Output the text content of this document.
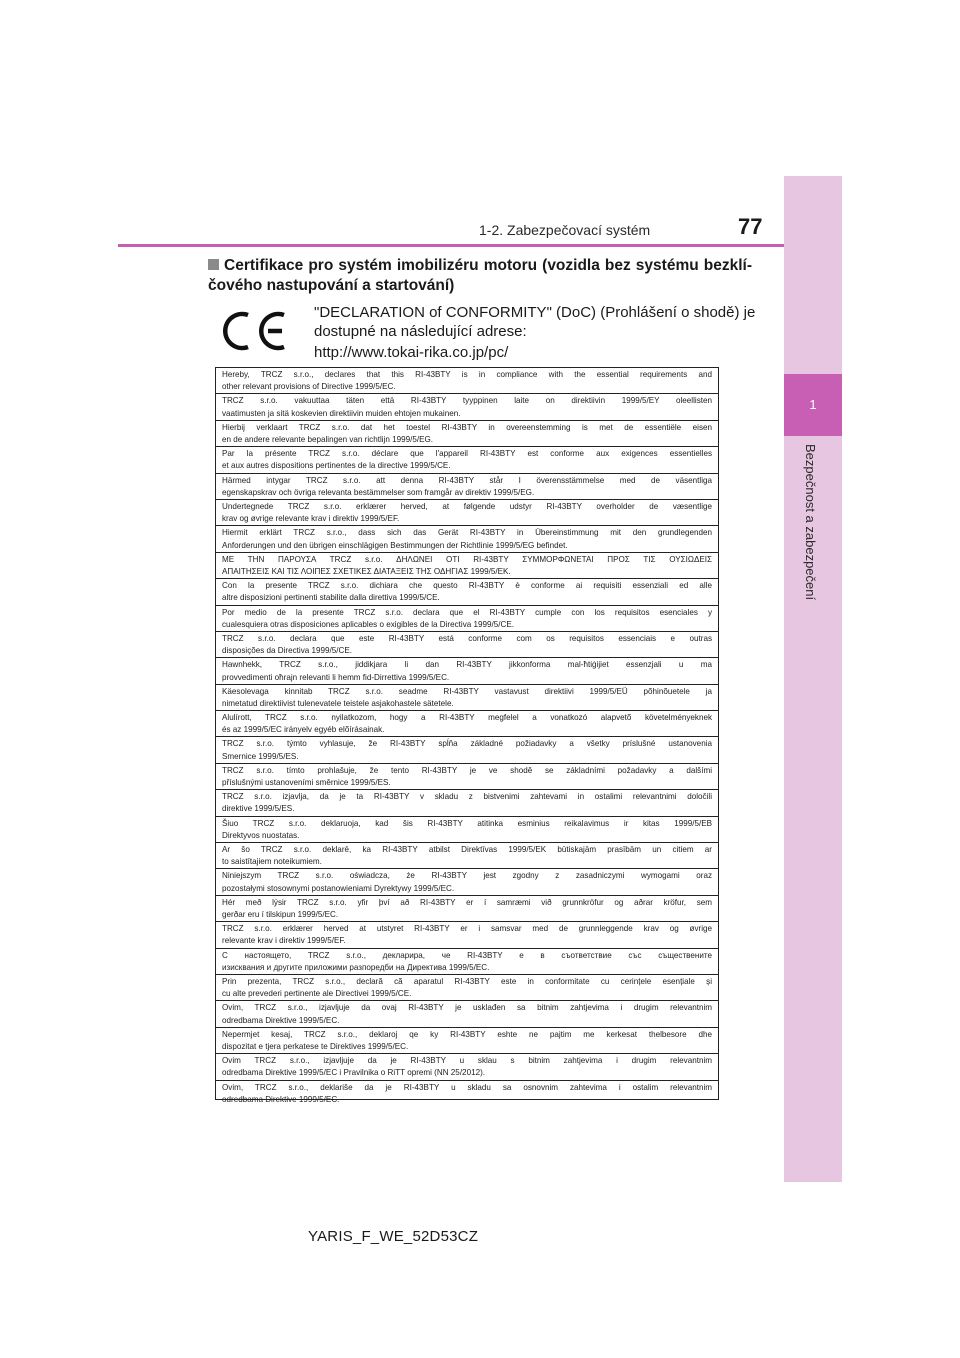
1
Bezpečnost a zabezpečení
1-2. Zabezpečovací systém	77
Certifikace pro systém imobilizéru motoru (vozidla bez systému bezklí-čového nastupování a startování)
"DECLARATION of CONFORMITY" (DoC) (Prohlášení o shodě) je dostupné na následující adrese:
http://www.tokai-rika.co.jp/pc/
Hereby, TRCZ s.r.o., declares that this RI-43BTY is in compliance with the essential requirements and
other relevant provisions of Directive 1999/5/EC.
TRCZ s.r.o. vakuuttaa täten että RI-43BTY tyyppinen laite on direktiivin 1999/5/EY oleellisten
vaatimusten ja sitä koskevien direktiivin muiden ehtojen mukainen.
Hierbij verklaart TRCZ s.r.o. dat het toestel RI-43BTY in overeenstemming is met de essentiële eisen
en de andere relevante bepalingen van richtlijn 1999/5/EG.
Par la présente TRCZ s.r.o. déclare que l'appareil RI-43BTY est conforme aux exigences essentielles
et aux autres dispositions pertinentes de la directive 1999/5/CE.
Härmed intygar TRCZ s.r.o. att denna RI-43BTY står I överensstämmelse med de väsentliga
egenskapskrav och övriga relevanta bestämmelser som framgår av direktiv 1999/5/EG.
Undertegnede TRCZ s.r.o. erklærer herved, at følgende udstyr RI-43BTY overholder de væsentlige
krav og øvrige relevante krav i direktiv 1999/5/EF.
Hiermit erklärt TRCZ s.r.o., dass sich das Gerät RI-43BTY in Übereinstimmung mit den grundlegenden
Anforderungen und den übrigen einschlägigen Bestimmungen der Richtlinie 1999/5/EG befindet.
ΜΕ ΤΗΝ ΠΑΡΟΥΣΑ TRCZ s.r.o. ΔΗΛΩΝΕΙ ΟΤΙ RI-43BTY ΣΥΜΜΟΡΦΩΝΕΤΑΙ ΠΡΟΣ ΤΙΣ ΟΥΣΙΩΔΕΙΣ
ΑΠΑΙΤΗΣΕΙΣ ΚΑΙ ΤΙΣ ΛΟΙΠΕΣ ΣΧΕΤΙΚΕΣ ΔΙΑΤΑΞΕΙΣ ΤΗΣ ΟΔΗΓΙΑΣ 1999/5/ΕΚ.
Con la presente TRCZ s.r.o. dichiara che questo RI-43BTY è conforme ai requisiti essenziali ed alle
altre disposizioni pertinenti stabilite dalla direttiva 1999/5/CE.
Por medio de la presente TRCZ s.r.o. declara que el RI-43BTY cumple con los requisitos esenciales y
cualesquiera otras disposiciones aplicables o exigibles de la Directiva 1999/5/CE.
TRCZ s.r.o. declara que este RI-43BTY está conforme com os requisitos essenciais e outras
disposições da Directiva 1999/5/CE.
Hawnhekk, TRCZ s.r.o., jiddikjara li dan RI-43BTY jikkonforma mal-ħtiġijiet essenzjali u ma
provvedimenti oħrajn relevanti li hemm fid-Dirrettiva 1999/5/EC.
Käesolevaga kinnitab TRCZ s.r.o. seadme RI-43BTY vastavust direktiivi 1999/5/EÜ põhinõuetele ja
nimetatud direktiivist tulenevatele teistele asjakohastele sätetele.
Alulírott, TRCZ s.r.o. nyilatkozom, hogy a RI-43BTY megfelel a vonatkozó alapvetõ követelményeknek
és az 1999/5/EC irányelv egyéb elõírásainak.
TRCZ s.r.o. týmto vyhlasuje, že RI-43BTY spĺňa základné požiadavky a všetky príslušné ustanovenia
Smernice 1999/5/ES.
TRCZ s.r.o. tímto prohlašuje, že tento RI-43BTY je ve shodě se základními požadavky a dalšími
příslušnými ustanoveními směrnice 1999/5/ES.
TRCZ s.r.o. izjavlja, da je ta RI-43BTY v skladu z bistvenimi zahtevami in ostalimi relevantnimi določili
direktive 1999/5/ES.
Šiuo TRCZ s.r.o. deklaruoja, kad šis RI-43BTY atitinka esminius reikalavimus ir kitas 1999/5/EB
Direktyvos nuostatas.
Ar šo TRCZ s.r.o. deklarē, ka RI-43BTY atbilst Direktīvas 1999/5/EK būtiskajām prasībām un citiem ar
to saistītajiem noteikumiem.
Niniejszym TRCZ s.r.o. oświadcza, że RI-43BTY jest zgodny z zasadniczymi wymogami oraz
pozostałymi stosownymi postanowieniami Dyrektywy 1999/5/EC.
Hér með lýsir TRCZ s.r.o. yfir því að RI-43BTY er í samræmi við grunnkröfur og aðrar kröfur, sem
gerðar eru í tilskipun 1999/5/EC.
TRCZ s.r.o. erklærer herved at utstyret RI-43BTY er i samsvar med de grunnleggende krav og øvrige
relevante krav i direktiv 1999/5/EF.
С настоящето, TRCZ s.r.o., декларира, че RI-43BTY е в съответствие със съществените
изисквания и другите приложими разпоредби на Директива 1999/5/ЕС.
Prin prezenta, TRCZ s.r.o., declară că aparatul RI-43BTY este in conformitate cu cerințele esențiale și
cu alte prevederi pertinente ale Directivei 1999/5/CE.
Ovim, TRCZ s.r.o., izjavljuje da ovaj RI-43BTY je usklađen sa bitnim zahtjevima i drugim relevantnim
odredbama Direktive 1999/5/EC.
Nepermjet kesaj, TRCZ s.r.o., deklaroj qe ky RI-43BTY eshte ne pajtim me kerkesat thelbesore dhe
dispozitat e tjera perkatese te Direktives 1999/5/EC.
Ovim TRCZ s.r.o., izjavljuje da je RI-43BTY u sklau s bitnim zahtjevima i drugim relevantnim
odredbama Direktive 1999/5/EC i Pravilnika o RiTT opremi (NN 25/2012).
Ovim, TRCZ s.r.o., deklariše da je RI-43BTY u skladu sa osnovnim zahtevima i ostalim relevantnim
odredbama Direktive 1999/5/EC.
YARIS_F_WE_52D53CZ
